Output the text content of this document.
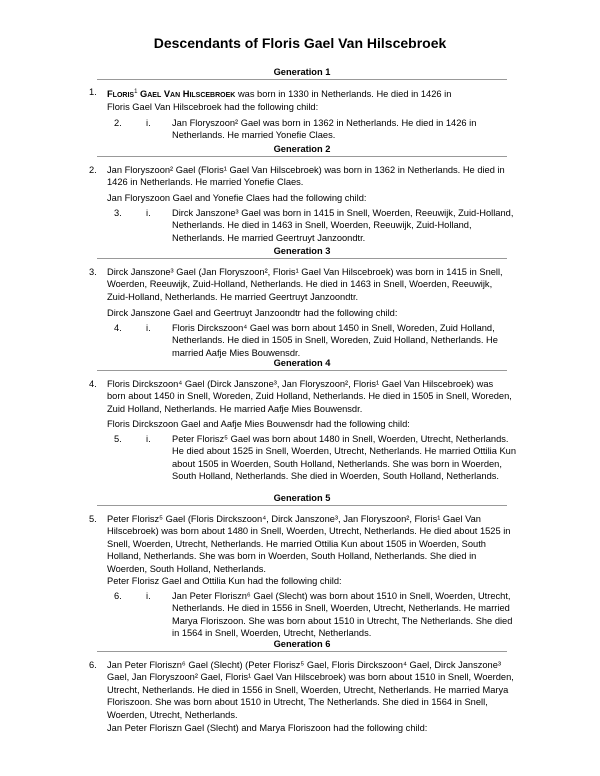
Descendants of Floris Gael Van Hilscebroek
Generation 1
1. Floris$^1$ Gael Van Hilscebroek was born in 1330 in Netherlands. He died in 1426 in
Floris Gael Van Hilscebroek had the following child:
2.	i. Jan Floryszoon² Gael was born in 1362 in Netherlands. He died in 1426 in Netherlands. He married Yonefie Claes.
Generation 2
2. Jan Floryszoon² Gael (Floris¹ Gael Van Hilscebroek) was born in 1362 in Netherlands. He died in 1426 in Netherlands. He married Yonefie Claes.
Jan Floryszoon Gael and Yonefie Claes had the following child:
3.	i. Dirck Janszone³ Gael was born in 1415 in Snell, Woerden, Reeuwijk, Zuid-Holland, Netherlands. He died in 1463 in Snell, Woerden, Reeuwijk, Zuid-Holland, Netherlands. He married Geertruyt Janzoondtr.
Generation 3
3. Dirck Janszone³ Gael (Jan Floryszoon², Floris¹ Gael Van Hilscebroek) was born in 1415 in Snell, Woerden, Reeuwijk, Zuid-Holland, Netherlands. He died in 1463 in Snell, Woerden, Reeuwijk, Zuid-Holland, Netherlands. He married Geertruyt Janzoondtr.
Dirck Janszone Gael and Geertruyt Janzoondtr had the following child:
4.	i. Floris Dirckszoon⁴ Gael was born about 1450 in Snell, Woreden, Zuid Holland, Netherlands. He died in 1505 in Snell, Woreden, Zuid Holland, Netherlands. He married Aafje Mies Bouwensdr.
Generation 4
4. Floris Dirckszoon⁴ Gael (Dirck Janszone³, Jan Floryszoon², Floris¹ Gael Van Hilscebroek) was born about 1450 in Snell, Woreden, Zuid Holland, Netherlands. He died in 1505 in Snell, Woreden, Zuid Holland, Netherlands. He married Aafje Mies Bouwensdr.
Floris Dirckszoon Gael and Aafje Mies Bouwensdr had the following child:
5.	i. Peter Florisz⁵ Gael was born about 1480 in Snell, Woerden, Utrecht, Netherlands. He died about 1525 in Snell, Woerden, Utrecht, Netherlands. He married Ottilia Kun about 1505 in Woerden, South Holland, Netherlands. She was born in Woerden, South Holland, Netherlands. She died in Woerden, South Holland, Netherlands.
Generation 5
5. Peter Florisz⁵ Gael (Floris Dirckszoon⁴, Dirck Janszone³, Jan Floryszoon², Floris¹ Gael Van Hilscebroek) was born about 1480 in Snell, Woerden, Utrecht, Netherlands. He died about 1525 in Snell, Woerden, Utrecht, Netherlands. He married Ottilia Kun about 1505 in Woerden, South Holland, Netherlands. She was born in Woerden, South Holland, Netherlands. She died in Woerden, South Holland, Netherlands.
Peter Florisz Gael and Ottilia Kun had the following child:
6.	i. Jan Peter Floriszn⁶ Gael (Slecht) was born about 1510 in Snell, Woerden, Utrecht, Netherlands. He died in 1556 in Snell, Woerden, Utrecht, Netherlands. He married Marya Floriszoon. She was born about 1510 in Utrecht, The Netherlands. She died in 1564 in Snell, Woerden, Utrecht, Netherlands.
Generation 6
6. Jan Peter Floriszn⁶ Gael (Slecht) (Peter Florisz⁵ Gael, Floris Dirckszoon⁴ Gael, Dirck Janszone³ Gael, Jan Floryszoon² Gael, Floris¹ Gael Van Hilscebroek) was born about 1510 in Snell, Woerden, Utrecht, Netherlands. He died in 1556 in Snell, Woerden, Utrecht, Netherlands. He married Marya Floriszoon. She was born about 1510 in Utrecht, The Netherlands. She died in 1564 in Snell, Woerden, Utrecht, Netherlands.
Jan Peter Floriszn Gael (Slecht) and Marya Floriszoon had the following child:
